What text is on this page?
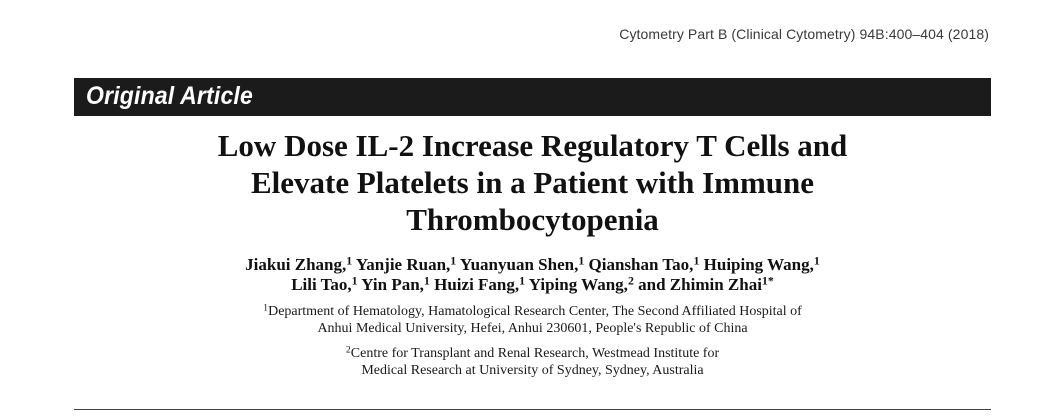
Cytometry Part B (Clinical Cytometry) 94B:400–404 (2018)
Original Article
Low Dose IL-2 Increase Regulatory T Cells and
Elevate Platelets in a Patient with Immune
Thrombocytopenia
Jiakui Zhang,$^1$ Yanjie Ruan,$^1$ Yuanyuan Shen,$^1$ Qianshan Tao,$^1$ Huiping Wang,$^1$
Lili Tao,$^1$ Yin Pan,$^1$ Huizi Fang,$^1$ Yiping Wang,$^2$ and Zhimin Zhai$^{1*}$
$^1$Department of Hematology, Hamatological Research Center, The Second Affiliated Hospital of
Anhui Medical University, Hefei, Anhui 230601, People's Republic of China
$^2$Centre for Transplant and Renal Research, Westmead Institute for
Medical Research at University of Sydney, Sydney, Australia
